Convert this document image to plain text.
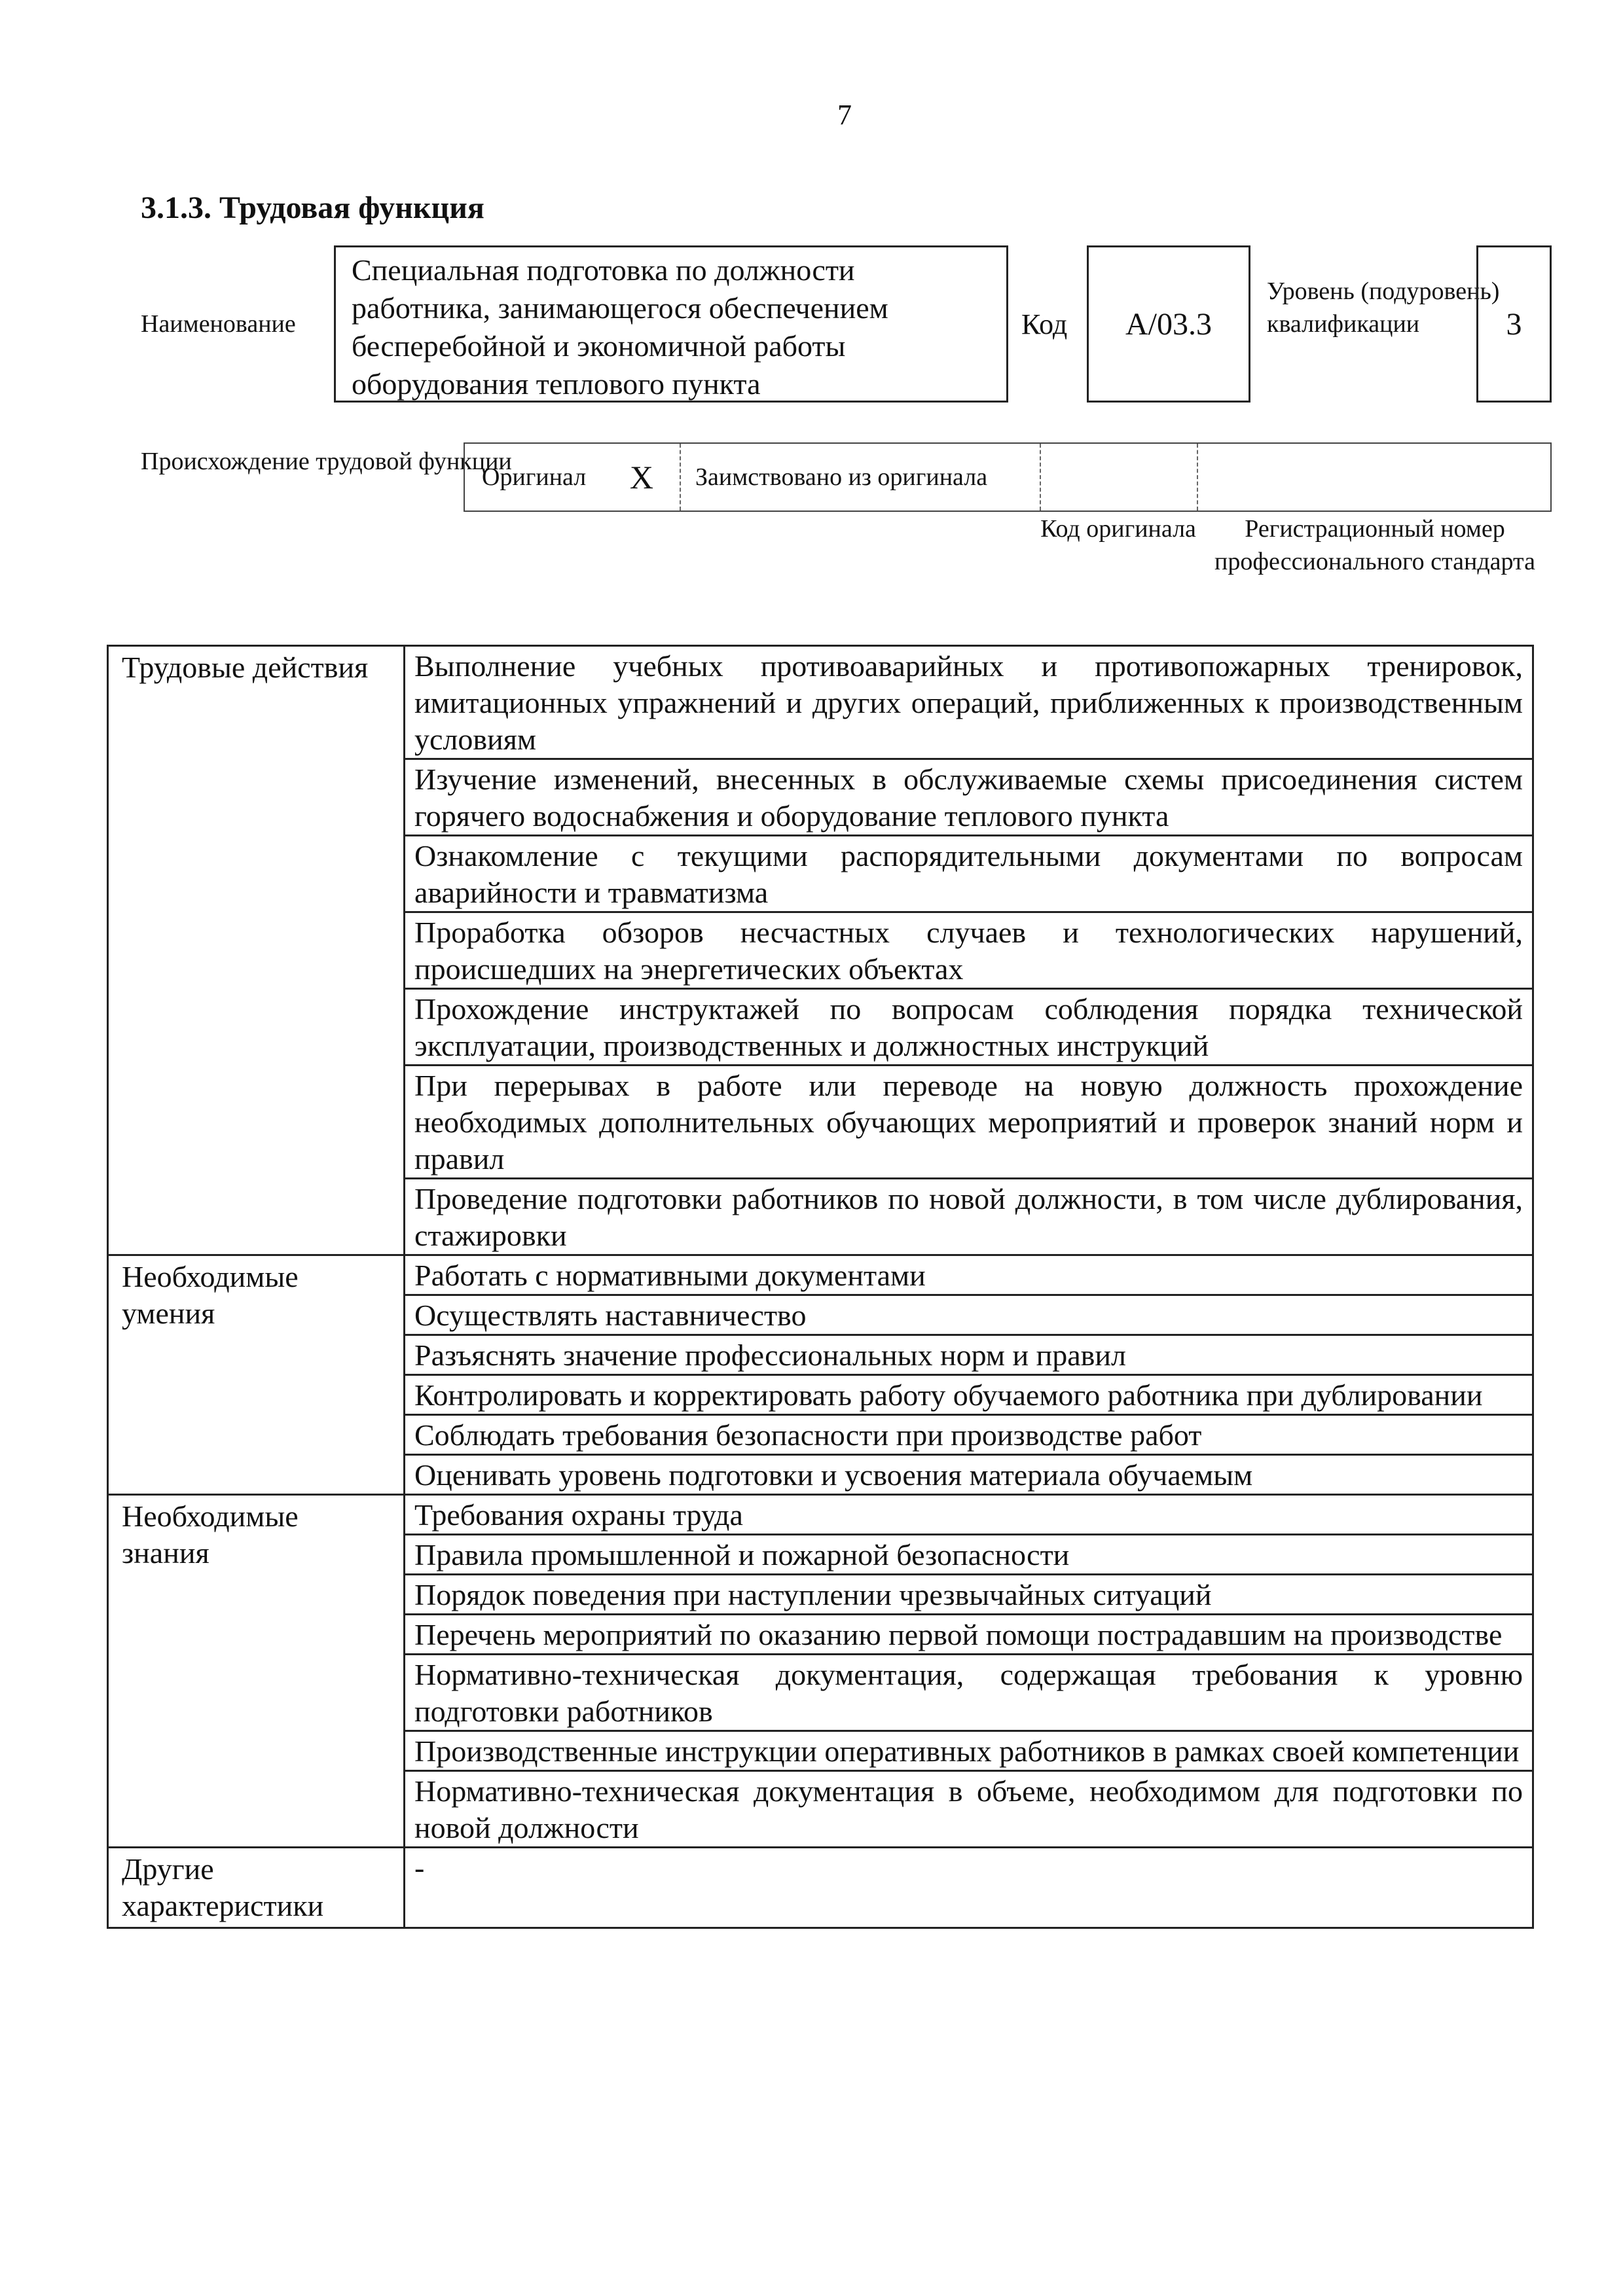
7
3.1.3. Трудовая функция
Наименование
Специальная подготовка по должности работника, занимающегося обеспечением бесперебойной и экономичной работы оборудования теплового пункта
Код А/03.3
Уровень (подуровень) квалификации	3
Происхождение трудовой функции
Оригинал Х Заимствовано из оригинала
Код оригинала	Регистрационный номер профессионального стандарта
Трудовые действия	Выполнение учебных противоаварийных и противопожарных тренировок, имитационных упражнений и других операций, приближенных к производственным условиям
	Изучение изменений, внесенных в обслуживаемые схемы присоединения систем горячего водоснабжения и оборудование теплового пункта
	Ознакомление с текущими распорядительными документами по вопросам аварийности и травматизма
	Проработка обзоров несчастных случаев и технологических нарушений, происшедших на энергетических объектах
	Прохождение инструктажей по вопросам соблюдения порядка технической эксплуатации, производственных и должностных инструкций
	При перерывах в работе или переводе на новую должность прохождение необходимых дополнительных обучающих мероприятий и проверок знаний норм и правил
	Проведение подготовки работников по новой должности, в том числе дублирования, стажировки
Необходимые умения	Работать с нормативными документами
	Осуществлять наставничество
	Разъяснять значение профессиональных норм и правил
	Контролировать и корректировать работу обучаемого работника при дублировании
	Соблюдать требования безопасности при производстве работ
	Оценивать уровень подготовки и усвоения материала обучаемым
Необходимые знания	Требования охраны труда
	Правила промышленной и пожарной безопасности
	Порядок поведения при наступлении чрезвычайных ситуаций
	Перечень мероприятий по оказанию первой помощи пострадавшим на производстве
	Нормативно-техническая документация, содержащая требования к уровню подготовки работников
	Производственные инструкции оперативных работников в рамках своей компетенции
	Нормативно-техническая документация в объеме, необходимом для подготовки по новой должности
Другие характеристики	-
